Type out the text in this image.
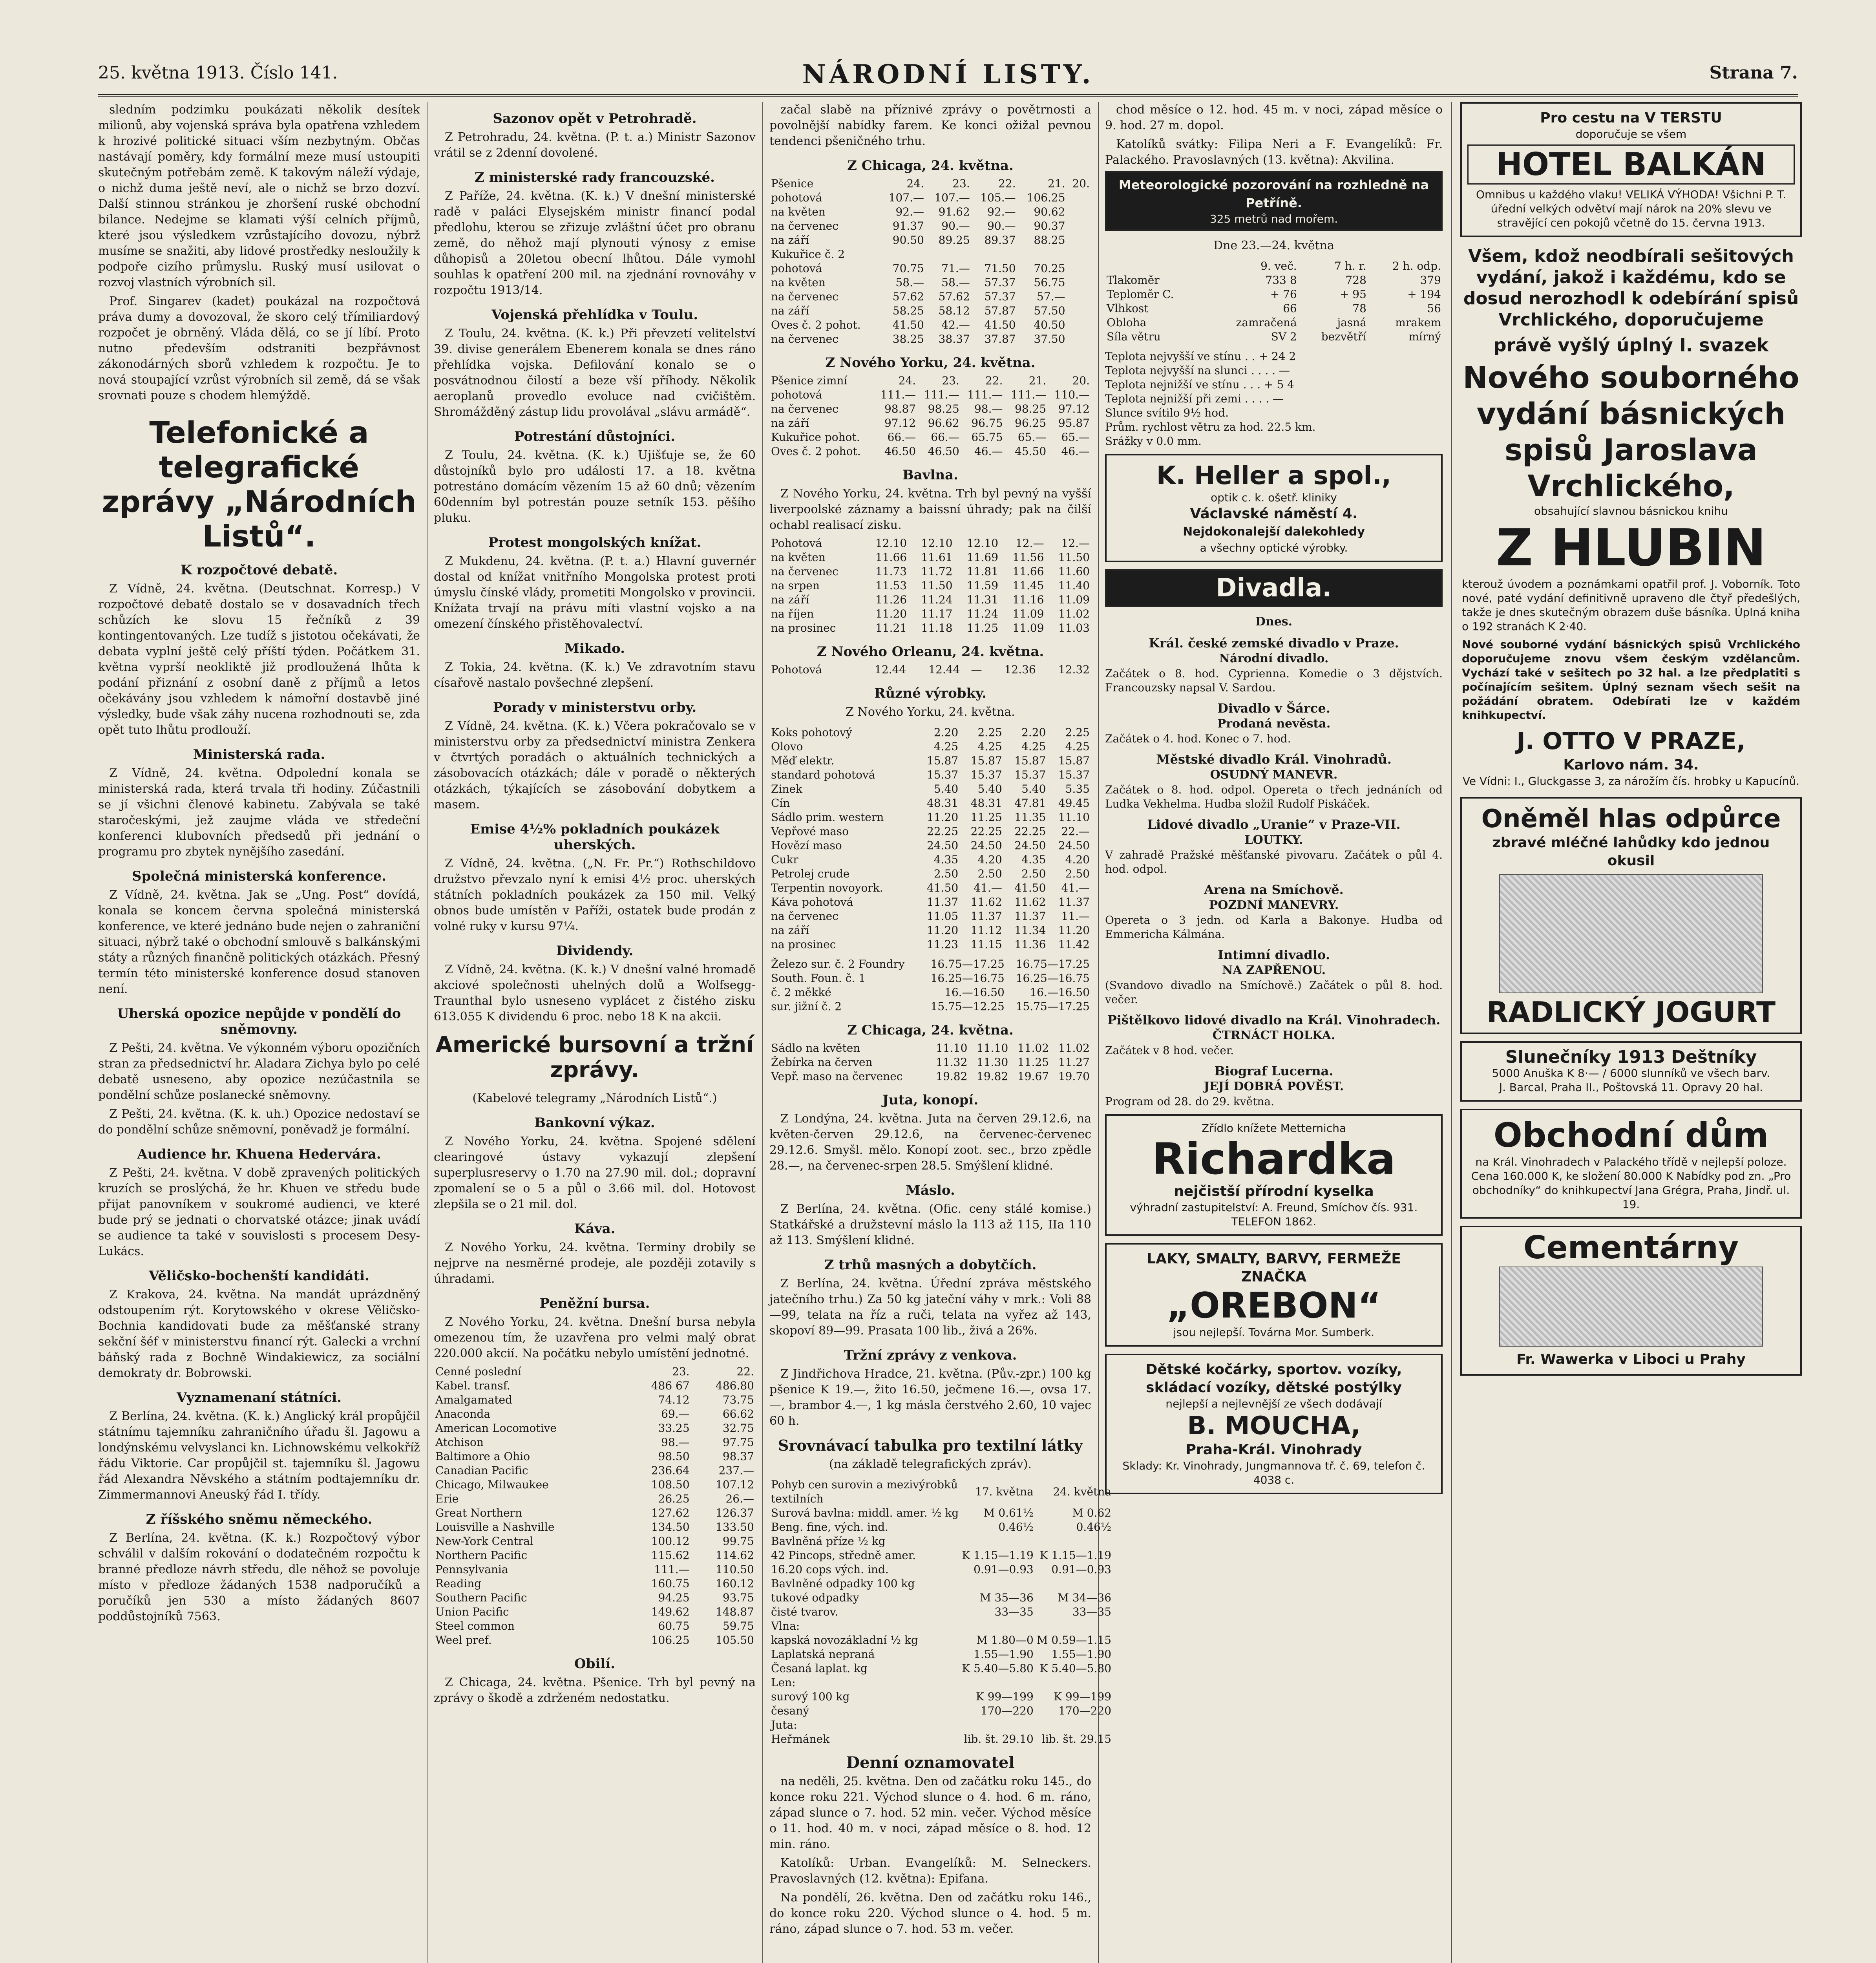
25. května 1913. Číslo 141.	NÁRODNÍ LISTY.	Strana 7.

sledním podzimku poukázati několik desítek milionů, aby vojenská správa byla opatřena vzhledem k hrozivé politické situaci vším nezbytným. Občas nastávají poměry, kdy formální meze musí ustoupiti skutečným potřebám země. K takovým náleží výdaje, o nichž duma ještě neví, ale o nichž se brzo dozví. Další stinnou stránkou je zhoršení ruské obchodní bilance. Nedejme se klamati výší celních příjmů, které jsou výsledkem vzrůstajícího dovozu, nýbrž musíme se snažiti, aby lidové prostředky nesloužily k podpoře cizího průmyslu. Ruský musí usilovat o rozvoj vlastních výrobních sil.

Prof. Singarev (kadet) poukázal na rozpočtová práva dumy a dovozoval, že skoro celý třímiliardový rozpočet je obrněný. Vláda dělá, co se jí líbí. Proto nutno především odstraniti bezpřávnost zákonodárných sborů vzhledem k rozpočtu. Je to nová stoupající vzrůst výrobních sil země, dá se však srovnati pouze s chodem hlemýždě.

Telefonické a telegrafické zprávy „Národních Listů“.
K rozpočtové debatě.

Z Vídně, 24. května. (Deutschnat. Korresp.) V rozpočtové debatě dostalo se v dosavadních třech schůzích ke slovu 15 řečníků z 39 kontingentovaných. Lze tudíž s jistotou očekávati, že debata vyplní ještě celý příští týden. Počátkem 31. května vyprší neokliktě již prodloužená lhůta k podání přiznání z osobní daně z příjmů a letos očekávány jsou vzhledem k námořní dostavbě jiné výsledky, bude však záhy nucena rozhodnouti se, zda opět tuto lhůtu prodlouží.

Ministerská rada.

Z Vídně, 24. května. Odpolední konala se ministerská rada, která trvala tři hodiny. Zúčastnili se jí všichni členové kabinetu. Zabývala se také staročeskými, jež zaujme vláda ve středeční konferenci klubovních předsedů při jednání o programu pro zbytek nynějšího zasedání.

Společná ministerská konference.

Z Vídně, 24. května. Jak se „Ung. Post“ dovídá, konala se koncem června společná ministerská konference, ve které jednáno bude nejen o zahraniční situaci, nýbrž také o obchodní smlouvě s balkánskými státy a různých finančně politických otázkách. Přesný termín této ministerské konference dosud stanoven není.

Uherská opozice nepůjde v pondělí do sněmovny.

Z Pešti, 24. května. Ve výkonném výboru opozičních stran za předsednictví hr. Aladara Zichya bylo po celé debatě usneseno, aby opozice nezúčastnila se pondělní schůze poslanecké sněmovny.

Z Pešti, 24. května. (K. k. uh.) Opozice nedostaví se do pondělní schůze sněmovní, poněvadž je formální.

Audience hr. Khuena Hedervára.

Z Pešti, 24. května. V době zpravených politických kruzích se proslýchá, že hr. Khuen ve středu bude přijat panovníkem v soukromé audienci, ve které bude prý se jednati o chorvatské otázce; jinak uvádí se audience ta také v souvislosti s procesem Desy-Lukács.

Věličsko-bochenští kandidáti.

Z Krakova, 24. května. Na mandát uprázdněný odstoupením rýt. Korytowského v okrese Věličsko-Bochnia kandidovati bude za měšťanské strany sekční šéf v ministerstvu financí rýt. Galecki a vrchní báňský rada z Bochně Windakiewicz, za sociální demokraty dr. Bobrowski.

Vyznamenaní státníci.

Z Berlína, 24. května. (K. k.) Anglický král propůjčil státnímu tajemníku zahraničního úřadu šl. Jagowu a londýnskému velvyslanci kn. Lichnowskému velkokříž řádu Viktorie. Car propůjčil st. tajemníku šl. Jagowu řád Alexandra Něvského a státním podtajemníku dr. Zimmermannovi Aneuský řád I. třídy.

Z říšského sněmu německého.

Z Berlína, 24. května. (K. k.) Rozpočtový výbor schválil v dalším rokování o dodatečném rozpočtu k branné předloze návrh středu, dle něhož se povoluje místo v předloze žádaných 1538 nadporučíků a poručíků jen 530 a místo žádaných 8607 poddůstojníků 7563.

Sazonov opět v Petrohradě.

Z Petrohradu, 24. května. (P. t. a.) Ministr Sazonov vrátil se z 2denní dovolené.

Z ministerské rady francouzské.

Z Paříže, 24. května. (K. k.) V dnešní ministerské radě v paláci Elysejském ministr financí podal předlohu, kterou se zřizuje zvláštní účet pro obranu země, do něhož mají plynouti výnosy z emise důhopisů a 20letou obecní lhůtou. Dále vymohl souhlas k opatření 200 mil. na zjednání rovnováhy v rozpočtu 1913/14.

Vojenská přehlídka v Toulu.

Z Toulu, 24. května. (K. k.) Při převzetí velitelství 39. divise generálem Ebenerem konala se dnes ráno přehlídka vojska. Defilování konalo se o posvátnodnou čilostí a beze vší příhody. Několik aeroplanů provedlo evoluce nad cvičištěm. Shromážděný zástup lidu provolával „slávu armádě“.

Potrestání důstojníci.

Z Toulu, 24. května. (K. k.) Ujišťuje se, že 60 důstojníků bylo pro události 17. a 18. května potrestáno domácím vězením 15 až 60 dnů; vězením 60denním byl potrestán pouze setník 153. pěšího pluku.

Protest mongolských knížat.

Z Mukdenu, 24. května. (P. t. a.) Hlavní guvernér dostal od knížat vnitřního Mongolska protest proti úmyslu čínské vlády, prometiti Mongolsko v provincii. Knížata trvají na právu míti vlastní vojsko a na omezení čínského přistěhovalectví.

Mikado.

Z Tokia, 24. května. (K. k.) Ve zdravotním stavu císařově nastalo povšechné zlepšení.

Porady v ministerstvu orby.

Z Vídně, 24. května. (K. k.) Včera pokračovalo se v ministerstvu orby za předsednictví ministra Zenkera v čtvrtých poradách o aktuálních technických a zásobovacích otázkách; dále v poradě o některých otázkách, týkajících se zásobování dobytkem a masem.

Emise 4½% pokladních poukázek uherských.

Z Vídně, 24. května. („N. Fr. Pr.“) Rothschildovo družstvo převzalo nyní k emisi 4½ proc. uherských státních pokladních poukázek za 150 mil. Velký obnos bude umístěn v Paříži, ostatek bude prodán z volné ruky v kursu 97¼.

Dividendy.

Z Vídně, 24. května. (K. k.) V dnešní valné hromadě akciové společnosti uhelných dolů a Wolfsegg-Traunthal bylo usneseno vyplácet z čistého zisku 613.055 K dividendu 6 proc. nebo 18 K na akcii.

Americké bursovní a tržní zprávy.
(Kabelové telegramy „Národních Listů“.)
Bankovní výkaz.

Z Nového Yorku, 24. května. Spojené sdělení clearingové ústavy vykazují zlepšení superplusreservy o 1.70 na 27.90 mil. dol.; dopravní zpomalení se o 5 a půl o 3.66 mil. dol. Hotovost zlepšila se o 21 mil. dol.

Káva.

Z Nového Yorku, 24. května. Terminy drobily se nejprve na nesměrné prodeje, ale později zotavily s úhradami.

Peněžní bursa.

Z Nového Yorku, 24. května. Dnešní bursa nebyla omezenou tím, že uzavřena pro velmi malý obrat 220.000 akcií. Na počátku nebylo umístění jednotné.

Cenné poslední	23.	22.
Kabel. transf.	486 67	486.80
Amalgamated	74.12	73.75
Anaconda	69.—	66.62
American Locomotive	33.25	32.75
Atchison	98.—	97.75
Baltimore a Ohio	98.50	98.37
Canadian Pacific	236.64	237.—
Chicago, Milwaukee	108.50	107.12
Erie	26.25	26.—
Great Northern	127.62	126.37
Louisville a Nashville	134.50	133.50
New-York Central	100.12	99.75
Northern Pacific	115.62	114.62
Pennsylvania	111.—	110.50
Reading	160.75	160.12
Southern Pacific	94.25	93.75
Union Pacific	149.62	148.87
Steel common	60.75	59.75
Weel pref.	106.25	105.50
Obilí.

Z Chicaga, 24. května. Pšenice. Trh byl pevný na zprávy o škodě a zdrženém nedostatku.

začal slabě na příznivé zprávy o povětrnosti a povolnější nabídky farem. Ke konci ožižal pevnou tendenci pšeničného trhu.

Z Chicaga, 24. května.
Pšenice	24.	23.	22.	21.	20.
pohotová	107.—	107.—	105.—	106.25	
na květen	92.—	91.62	92.—	90.62	
na červenec	91.37	90.—	90.—	90.37	
na září	90.50	89.25	89.37	88.25	
Kukuřice č. 2					
pohotová	70.75	71.—	71.50	70.25	
na květen	58.—	58.—	57.37	56.75	
na červenec	57.62	57.62	57.37	57.—	
na září	58.25	58.12	57.87	57.50	
Oves č. 2 pohot.	41.50	42.—	41.50	40.50	
na červenec	38.25	38.37	37.87	37.50	
Z Nového Yorku, 24. května.
Pšenice zimní	24.	23.	22.	21.	20.
pohotová	111.—	111.—	111.—	111.—	110.—
na červenec	98.87	98.25	98.—	98.25	97.12
na září	97.12	96.62	96.75	96.25	95.87
Kukuřice pohot.	66.—	66.—	65.75	65.—	65.—
Oves č. 2 pohot.	46.50	46.50	46.—	45.50	46.—
Bavlna.

Z Nového Yorku, 24. května. Trh byl pevný na vyšší liverpoolské záznamy a baissní úhrady; pak na čilší ochabl realisací zisku.

Pohotová	12.10	12.10	12.10	12.—	12.—
na květen	11.66	11.61	11.69	11.56	11.50
na červenec	11.73	11.72	11.81	11.66	11.60
na srpen	11.53	11.50	11.59	11.45	11.40
na září	11.26	11.24	11.31	11.16	11.09
na říjen	11.20	11.17	11.24	11.09	11.02
na prosinec	11.21	11.18	11.25	11.09	11.03
Z Nového Orleanu, 24. května.
Pohotová	12.44	12.44	—	12.36	12.32
Různé výrobky.
Z Nového Yorku, 24. května.
Koks pohotový	2.20	2.25	2.20	2.25
Olovo	4.25	4.25	4.25	4.25
Měď elektr.	15.87	15.87	15.87	15.87
standard pohotová	15.37	15.37	15.37	15.37
Zinek	5.40	5.40	5.40	5.35
Cín	48.31	48.31	47.81	49.45
Sádlo prim. western	11.20	11.25	11.35	11.10
Vepřové maso	22.25	22.25	22.25	22.—
Hovězí maso	24.50	24.50	24.50	24.50
Cukr	4.35	4.20	4.35	4.20
Petrolej crude	2.50	2.50	2.50	2.50
Terpentin novoyork.	41.50	41.—	41.50	41.—
Káva pohotová	11.37	11.62	11.62	11.37
na červenec	11.05	11.37	11.37	11.—
na září	11.20	11.12	11.34	11.20
na prosinec	11.23	11.15	11.36	11.42
Železo sur. č. 2 Foundry	16.75—17.25	16.75—17.25
South. Foun. č. 1	16.25—16.75	16.25—16.75
č. 2 měkké	16.—16.50	16.—16.50
sur. jižní č. 2	15.75—12.25	15.75—17.25
Z Chicaga, 24. května.
Sádlo na květen	11.10	11.10	11.02	11.02
Žebírka na červen	11.32	11.30	11.25	11.27
Vepř. maso na červenec	19.82	19.82	19.67	19.70
Juta, konopí.

Z Londýna, 24. května. Juta na červen 29.12.6, na květen-červen 29.12.6, na červenec-červenec 29.12.6. Smyšl. mělo. Konopí zoot. sec., brzo zpědle 28.—, na červenec-srpen 28.5. Smýšlení klidné.

Máslo.

Z Berlína, 24. května. (Ofic. ceny stálé komise.) Statkářské a družstevní máslo la 113 až 115, IIa 110 až 113. Smýšlení klidné.

Z trhů masných a dobytčích.

Z Berlína, 24. května. Úřední zpráva městského jatečního trhu.) Za 50 kg jateční váhy v mrk.: Voli 88—99, telata na říz a ruči, telata na vyřez až 143, skopoví 89—99. Prasata 100 lib., živá a 26%.

Tržní zprávy z venkova.

Z Jindřichova Hradce, 21. května. (Pův.-zpr.) 100 kg pšenice K 19.—, žito 16.50, ječmene 16.—, ovsa 17.—, brambor 4.—, 1 kg másla čerstvého 2.60, 10 vajec 60 h.

Srovnávací tabulka pro textilní látky
(na základě telegrafických zpráv).
Pohyb cen surovin a mezivýrobků textilních	17. května	24. května
Surová bavlna: middl. amer. ½ kg	M 0.61½	M 0.62
Beng. fine, vých. ind.	0.46½	0.46½
Bavlněná příze ½ kg		
42 Pincops, středně amer.	K 1.15—1.19	K 1.15—1.19
16.20 cops vých. ind.	0.91—0.93	0.91—0.93
Bavlněné odpadky 100 kg		
tukové odpadky	M 35—36	M 34—36
čisté tvarov.	33—35	33—35
Vlna:		
kapská novozákladní ½ kg	M 1.80—0	M 0.59—1.15
Laplatská nepraná	1.55—1.90	1.55—1.90
Česaná laplat. kg	K 5.40—5.80	K 5.40—5.80
Len:		
surový 100 kg	K 99—199	K 99—199
česaný	170—220	170—220
Juta:		
Heřmánek	lib. št. 29.10	lib. št. 29.15
Denní oznamovatel

na neděli, 25. května. Den od začátku roku 145., do konce roku 221. Východ slunce o 4. hod. 6 m. ráno, západ slunce o 7. hod. 52 min. večer. Východ měsíce o 11. hod. 40 m. v noci, západ měsíce o 8. hod. 12 min. ráno.

Katolíků: Urban. Evangelíků: M. Selneckers. Pravoslavných (12. května): Epifana.

Na pondělí, 26. května. Den od začátku roku 146., do konce roku 220. Východ slunce o 4. hod. 5 m. ráno, západ slunce o 7. hod. 53 m. večer.

chod měsíce o 12. hod. 45 m. v noci, západ měsíce o 9. hod. 27 m. dopol.

Katolíků svátky: Filipa Neri a F. Evangelíků: Fr. Palackého. Pravoslavných (13. května): Akvilina.

Meteorologické pozorování na rozhledně na Petříně.
325 metrů nad mořem.
Dne 23.—24. května
	9. več.	7 h. r.	2 h. odp.
Tlakoměr	733 8	728	379
Teploměr C.	+ 76	+ 95	+ 194
Vlhkost	66	78	56
Obloha	zamračená	jasná	mrakem
Síla větru	SV 2	bezvětří	mírný
Teplota nejvyšší ve stínu . . + 24 2
Teplota nejvyšší na slunci . . . . —
Teplota nejnižší ve stínu . . . + 5 4
Teplota nejnižší při zemi . . . . —
Slunce svítilo 9½ hod.
Prům. rychlost větru za hod. 22.5 km.
Srážky v 0.0 mm.
K. Heller a spol.,
optik c. k. ošetř. kliniky
Václavské náměstí 4.
Nejdokonalejší dalekohledy
a všechny optické výrobky.
Divadla.
Dnes.
Král. české zemské divadlo v Praze.
Národní divadlo.
Začátek o 8. hod. Cyprienna. Komedie o 3 dějstvích. Francouzsky napsal V. Sardou.
Divadlo v Šárce.
Prodaná nevěsta.
Začátek o 4. hod. Konec o 7. hod.
Městské divadlo Král. Vinohradů.
OSUDNÝ MANEVR.
Začátek o 8. hod. odpol. Opereta o třech jednáních od Ludka Vekhelma. Hudba složil Rudolf Piskáček.
Lidové divadlo „Uranie“ v Praze-VII.
LOUTKY.
V zahradě Pražské měšťanské pivovaru. Začátek o půl 4. hod. odpol.
Arena na Smíchově.
POZDNÍ MANEVRY.
Opereta o 3 jedn. od Karla a Bakonye. Hudba od Emmericha Kálmána.
Intimní divadlo.
NA ZAPŘENOU.
(Svandovo divadlo na Smíchově.) Začátek o půl 8. hod. večer.
Pištělkovo lidové divadlo na Král. Vinohradech.
ČTRNÁCT HOLKA.
Začátek v 8 hod. večer.
Biograf Lucerna.
JEJÍ DOBRÁ POVĚST.
Program od 28. do 29. května.
Zřídlo knížete Metternicha
Richardka
nejčistší přírodní kyselka
výhradní zastupitelství: A. Freund, Smíchov čís. 931.
TELEFON 1862.
LAKY, SMALTY, BARVY, FERMEŽE
ZNAČKA
„OREBON“
jsou nejlepší. Továrna Mor. Sumberk.
Dětské kočárky, sportov. vozíky, skládací vozíky, dětské postýlky
nejlepší a nejlevnější ze všech dodávají
B. MOUCHA,
Praha-Král. Vinohrady
Sklady: Kr. Vinohrady, Jungmannova tř. č. 69, telefon č. 4038 c.
Pro cestu na V TERSTU
doporučuje se všem
HOTEL BALKÁN
Omnibus u každého vlaku! VELIKÁ VÝHODA! Všichni P. T. úřední velkých odvětví mají nárok na 20% slevu ve stravějící cen pokojů včetně do 15. června 1913.
Všem, kdož neodbírali sešitových vydání, jakož i každému, kdo se dosud nerozhodl k odebírání spisů Vrchlického, doporučujeme
právě vyšlý úplný I. svazek
Nového souborného vydání básnických spisů Jaroslava Vrchlického,
obsahující slavnou básnickou knihu
Z HLUBIN
kterouž úvodem a poznámkami opatřil prof. J. Voborník. Toto nové, paté vydání definitivně upraveno dle čtyř předešlých, takže je dnes skutečným obrazem duše básníka. Úplná kniha o 192 stranách K 2·40.
Nové souborné vydání básnických spisů Vrchlického doporučujeme znovu všem českým vzdělancům. Vychází také v sešitech po 32 hal. a lze předplatiti s počínajícím sešitem. Úplný seznam všech sešit na požádání obratem. Odebírati lze v každém knihkupectví.
J. OTTO V PRAZE,
Karlovo nám. 34.
Ve Vídni: I., Gluckgasse 3, za nárožím čís. hrobky u Kapucínů.
Oněměl hlas odpůrce
zbravé mléčné lahůdky kdo jednou okusil
RADLICKÝ JOGURT
Slunečníky 1913 Deštníky
5000 Anuška K 8·— / 6000 slunníků ve všech barv.
J. Barcal, Praha II., Poštovská 11. Opravy 20 hal.
Obchodní dům
na Král. Vinohradech v Palackého třídě v nejlepší poloze. Cena 160.000 K, ke složení 80.000 K Nabídky pod zn. „Pro obchodníky“ do knihkupectví Jana Grégra, Praha, Jindř. ul. 19.
Cementárny
Fr. Wawerka v Liboci u Prahy
